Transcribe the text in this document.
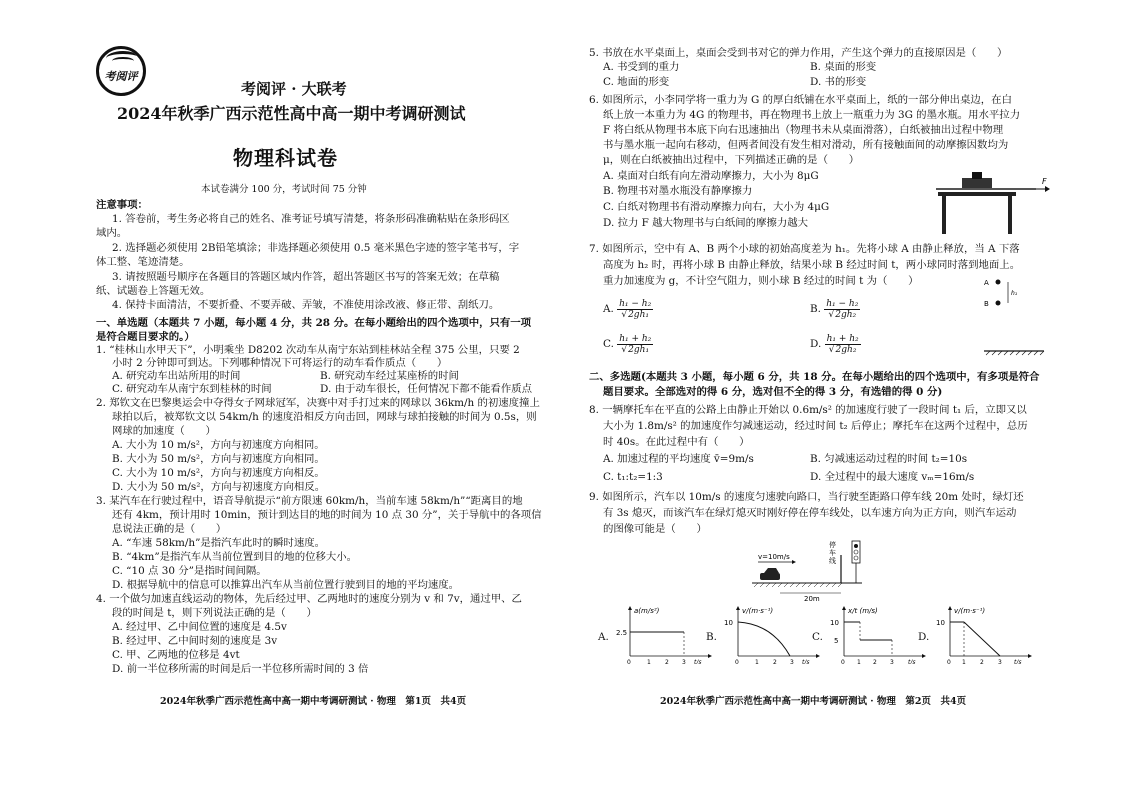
考阅评
考阅评 · 大联考
2024年秋季广西示范性高中高一期中考调研测试
物理科试卷
本试卷满分 100 分，考试时间 75 分钟
注意事项：
1. 答卷前，考生务必将自己的姓名、准考证号填写清楚，将条形码准确粘贴在条形码区
域内。
2. 选择题必须使用 2B铅笔填涂；非选择题必须使用 0.5 毫米黑色字迹的签字笔书写，字
体工整、笔迹清楚。
3. 请按照题号顺序在各题目的答题区域内作答，超出答题区书写的答案无效；在草稿
纸、试题卷上答题无效。
4. 保持卡面清洁，不要折叠、不要弄破、弄皱，不准使用涂改液、修正带、刮纸刀。
一、单选题（本题共 7 小题，每小题 4 分，共 28 分。在每小题给出的四个选项中，只有一项
是符合题目要求的。）
1. “桂林山水甲天下”，小明乘坐 D8202 次动车从南宁东站到桂林站全程 375 公里，只要 2
小时 2 分钟即可到达。下列哪种情况下可将运行的动车看作质点（　　）
A. 研究动车出站所用的时间	B. 研究动车经过某座桥的时间
C. 研究动车从南宁东到桂林的时间	D. 由于动车很长，任何情况下都不能看作质点
2. 郑钦文在巴黎奥运会中夺得女子网球冠军，决赛中对手打过来的网球以 36km/h 的初速度撞上
球拍以后，被郑钦文以 54km/h 的速度沿相反方向击回，网球与球拍接触的时间为 0.5s，则
网球的加速度（　　）
A. 大小为 10 m/s²，方向与初速度方向相同。
B. 大小为 50 m/s²，方向与初速度方向相同。
C. 大小为 10 m/s²，方向与初速度方向相反。
D. 大小为 50 m/s²，方向与初速度方向相反。
3. 某汽车在行驶过程中，语音导航提示“前方限速 60km/h，当前车速 58km/h”“距离目的地
还有 4km，预计用时 10min，预计到达目的地的时间为 10 点 30 分”，关于导航中的各项信
息说法正确的是（　　）
A. “车速 58km/h”是指汽车此时的瞬时速度。
B. “4km”是指汽车从当前位置到目的地的位移大小。
C. “10 点 30 分”是指时间间隔。
D. 根据导航中的信息可以推算出汽车从当前位置行驶到目的地的平均速度。
4. 一个做匀加速直线运动的物体，先后经过甲、乙两地时的速度分别为 v 和 7v，通过甲、乙
段的时间是 t，则下列说法正确的是（　　）
A. 经过甲、乙中间位置的速度是 4.5v
B. 经过甲、乙中间时刻的速度是 3v
C. 甲、乙两地的位移是 4vt
D. 前一半位移所需的时间是后一半位移所需时间的 3 倍
2024年秋季广西示范性高中高一期中考调研测试 · 物理　第1页　共4页
5. 书放在水平桌面上，桌面会受到书对它的弹力作用，产生这个弹力的直接原因是（　　）
A. 书受到的重力	B. 桌面的形变
C. 地面的形变	D. 书的形变
6. 如图所示，小李同学将一重力为 G 的厚白纸铺在水平桌面上，纸的一部分伸出桌边，在白
纸上放一本重力为 4G 的物理书，再在物理书上放上一瓶重力为 3G 的墨水瓶。用水平拉力
F 将白纸从物理书本底下向右迅速抽出（物理书未从桌面滑落），白纸被抽出过程中物理
书与墨水瓶一起向右移动，但两者间没有发生相对滑动，所有接触面间的动摩擦因数均为
μ，则在白纸被抽出过程中，下列描述正确的是（　　）
A. 桌面对白纸有向左滑动摩擦力，大小为 8μG
B. 物理书对墨水瓶没有静摩擦力
C. 白纸对物理书有滑动摩擦力向右，大小为 4μG
D. 拉力 F 越大物理书与白纸间的摩擦力越大
F
7. 如图所示，空中有 A、B 两个小球的初始高度差为 h₁。先将小球 A 由静止释放，当 A 下落
高度为 h₂ 时，再将小球 B 由静止释放，结果小球 B 经过时间 t，两小球同时落到地面上。
重力加速度为 g，不计空气阻力，则小球 B 经过的时间 t 为（　　）
A. $\frac{\text{h₁ − h₂}}{\text{√2gh₁}}$	B. $\frac{\text{h₁ − h₂}}{\text{√2gh₂}}$
C. $\frac{\text{h₁ + h₂}}{\text{√2gh₁}}$	D. $\frac{\text{h₁ + h₂}}{\text{√2gh₂}}$
A
B
h₁
二、多选题(本题共 3 小题，每小题 6 分，共 18 分。在每小题给出的四个选项中，有多项是符合
题目要求。全部选对的得 6 分，选对但不全的得 3 分，有选错的得 0 分)
8. 一辆摩托车在平直的公路上由静止开始以 0.6m/s² 的加速度行驶了一段时间 t₁ 后，立即又以
大小为 1.8m/s² 的加速度作匀减速运动，经过时间 t₂ 后停止；摩托车在这两个过程中，总历
时 40s。在此过程中有（　　）
A. 加速过程的平均速度 v̄=9m/s	B. 匀减速运动过程的时间 t₂=10s
C. t₁:t₂=1:3	D. 全过程中的最大速度 vₘ=16m/s
9. 如图所示，汽车以 10m/s 的速度匀速驶向路口，当行驶至距路口停车线 20m 处时，绿灯还
有 3s 熄灭，而该汽车在绿灯熄灭时刚好停在停车线处，以车速方向为正方向，则汽车运动
的图像可能是（　　）
v=10m/s
停
车
线
20m
A.
a(m/s²)
2.5
0	1 2 3 t/s
B.
v/(m·s⁻¹)
10
0	1 2 3 t/s
C.
x/t (m/s)
10
5
0 1 2 3 t/s
D.
v/(m·s⁻¹)
10
0 1 2 3 t/s
2024年秋季广西示范性高中高一期中考调研测试 · 物理　第2页　共4页
